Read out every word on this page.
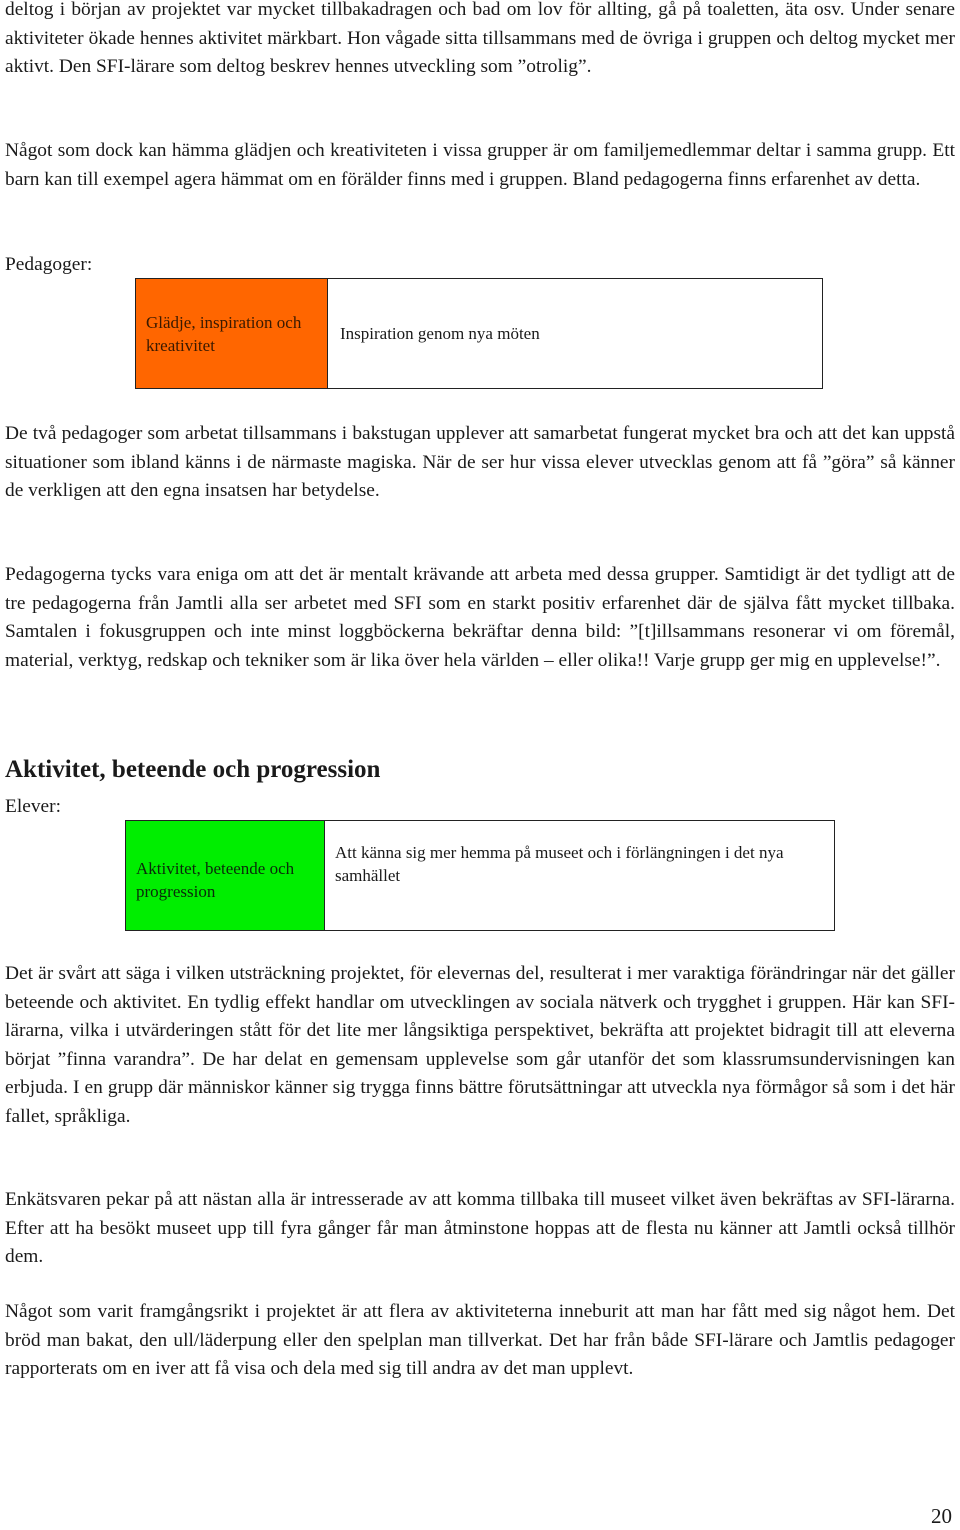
deltog i början av projektet var mycket tillbakadragen och bad om lov för allting, gå på toaletten, äta osv. Under senare aktiviteter ökade hennes aktivitet märkbart. Hon vågade sitta tillsammans med de övriga i gruppen och deltog mycket mer aktivt. Den SFI-lärare som deltog beskrev hennes utveckling som ”otrolig”.

Något som dock kan hämma glädjen och kreativiteten i vissa grupper är om familjemedlemmar deltar i samma grupp. Ett barn kan till exempel agera hämmat om en förälder finns med i gruppen. Bland pedagogerna finns erfarenhet av detta.

Pedagoger:
Glädje, inspiration och kreativitet
Inspiration genom nya möten

De två pedagoger som arbetat tillsammans i bakstugan upplever att samarbetat fungerat mycket bra och att det kan uppstå situationer som ibland känns i de närmaste magiska. När de ser hur vissa elever utvecklas genom att få ”göra” så känner de verkligen att den egna insatsen har betydelse.

Pedagogerna tycks vara eniga om att det är mentalt krävande att arbeta med dessa grupper. Samtidigt är det tydligt att de tre pedagogerna från Jamtli alla ser arbetet med SFI som en starkt positiv erfarenhet där de själva fått mycket tillbaka. Samtalen i fokusgruppen och inte minst loggböckerna bekräftar denna bild: ”[t]illsammans resonerar vi om föremål, material, verktyg, redskap och tekniker som är lika över hela världen – eller olika!! Varje grupp ger mig en upplevelse!”.

Aktivitet, beteende och progression
Elever:
Aktivitet, beteende och progression
Att känna sig mer hemma på museet och i förlängningen i det nya samhället

Det är svårt att säga i vilken utsträckning projektet, för elevernas del, resulterat i mer varaktiga förändringar när det gäller beteende och aktivitet. En tydlig effekt handlar om utvecklingen av sociala nätverk och trygghet i gruppen. Här kan SFI-lärarna, vilka i utvärderingen stått för det lite mer långsiktiga perspektivet, bekräfta att projektet bidragit till att eleverna börjat ”finna varandra”. De har delat en gemensam upplevelse som går utanför det som klassrumsundervisningen kan erbjuda. I en grupp där människor känner sig trygga finns bättre förutsättningar att utveckla nya förmågor så som i det här fallet, språkliga.

Enkätsvaren pekar på att nästan alla är intresserade av att komma tillbaka till museet vilket även bekräftas av SFI-lärarna. Efter att ha besökt museet upp till fyra gånger får man åtminstone hoppas att de flesta nu känner att Jamtli också tillhör dem.

Något som varit framgångsrikt i projektet är att flera av aktiviteterna inneburit att man har fått med sig något hem. Det bröd man bakat, den ull/läderpung eller den spelplan man tillverkat. Det har från både SFI-lärare och Jamtlis pedagoger rapporterats om en iver att få visa och dela med sig till andra av det man upplevt.

20
